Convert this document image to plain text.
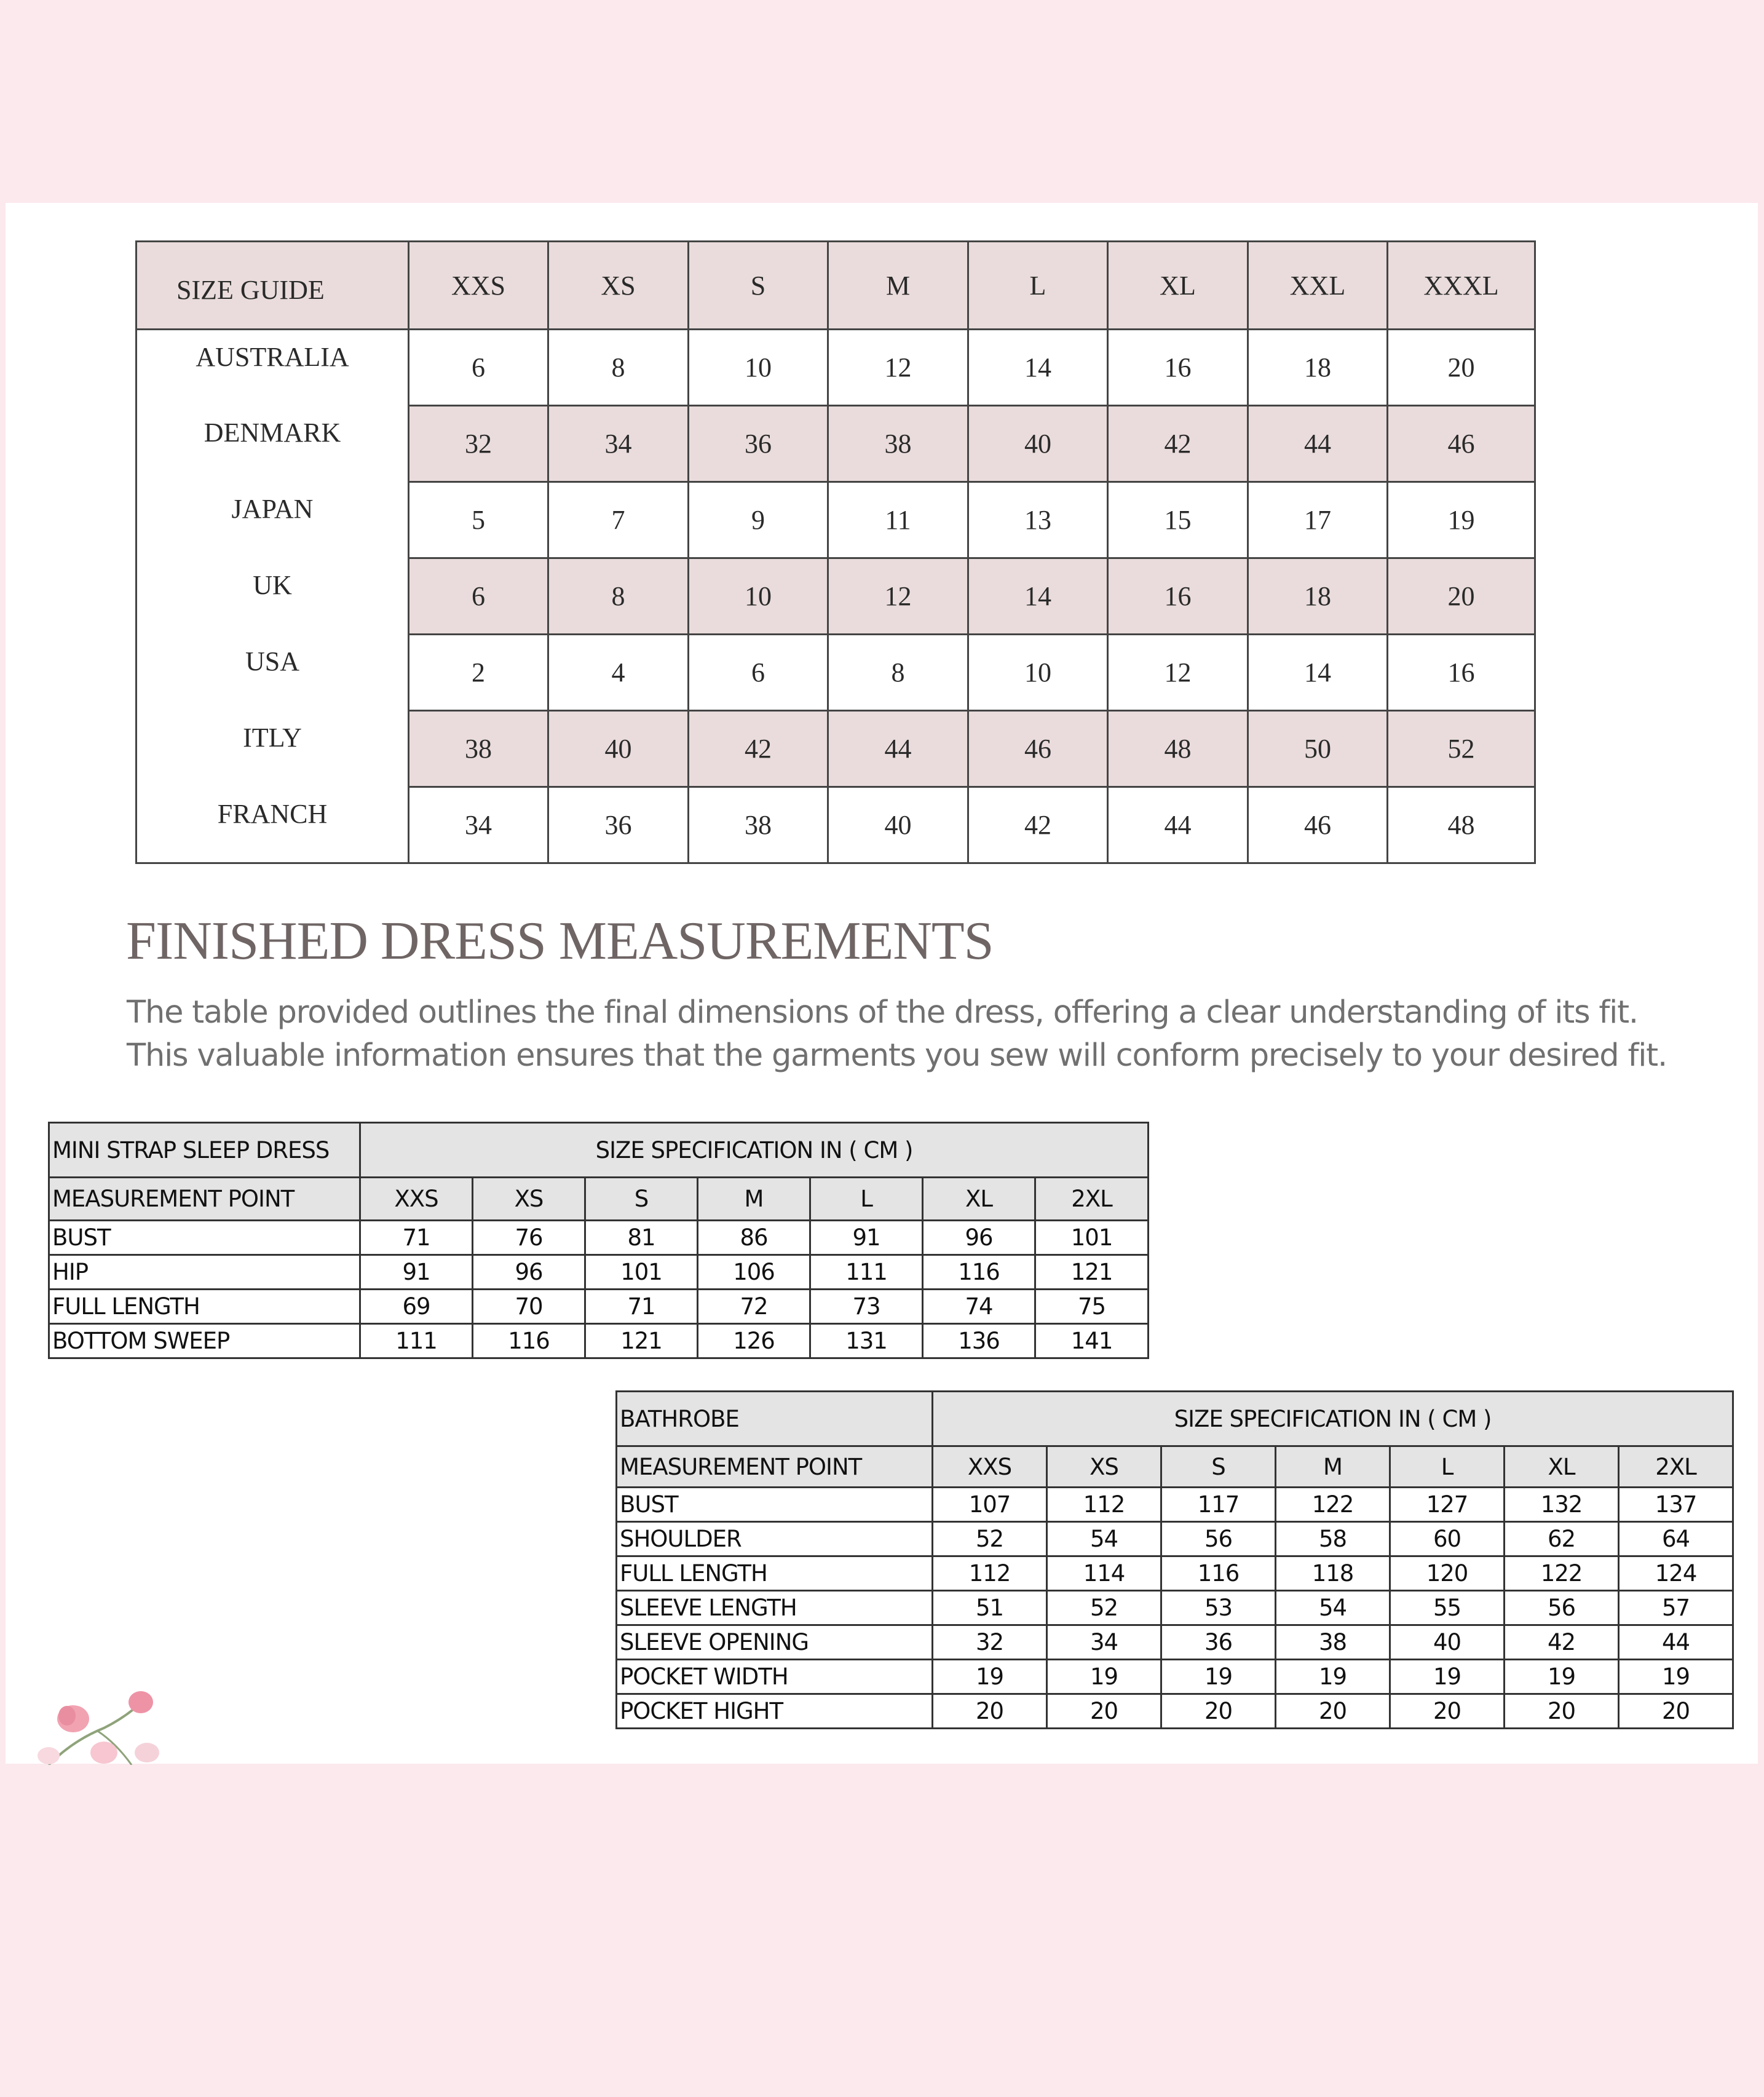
SIZE GUIDE	XXS	XS	S	M	L	XL	XXL	XXXL
AUSTRALIA	6	8	10	12	14	16	18	20
DENMARK	32	34	36	38	40	42	44	46
JAPAN	5	7	9	11	13	15	17	19
UK	6	8	10	12	14	16	18	20
USA	2	4	6	8	10	12	14	16
ITLY	38	40	42	44	46	48	50	52
FRANCH	34	36	38	40	42	44	46	48
FINISHED DRESS MEASUREMENTS

The table provided outlines the final dimensions of the dress, offering a clear understanding of its fit.

This valuable information ensures that the garments you sew will conform precisely to your desired fit.

MINI STRAP SLEEP DRESS	SIZE SPECIFICATION IN ( CM )						
MEASUREMENT POINT	XXS	XS	S	M	L	XL	2XL
BUST	71	76	81	86	91	96	101
HIP	91	96	101	106	111	116	121
FULL LENGTH	69	70	71	72	73	74	75
BOTTOM SWEEP	111	116	121	126	131	136	141
BATHROBE	SIZE SPECIFICATION IN ( CM )						
MEASUREMENT POINT	XXS	XS	S	M	L	XL	2XL
BUST	107	112	117	122	127	132	137
SHOULDER	52	54	56	58	60	62	64
FULL LENGTH	112	114	116	118	120	122	124
SLEEVE LENGTH	51	52	53	54	55	56	57
SLEEVE OPENING	32	34	36	38	40	42	44
POCKET WIDTH	19	19	19	19	19	19	19
POCKET HIGHT	20	20	20	20	20	20	20
